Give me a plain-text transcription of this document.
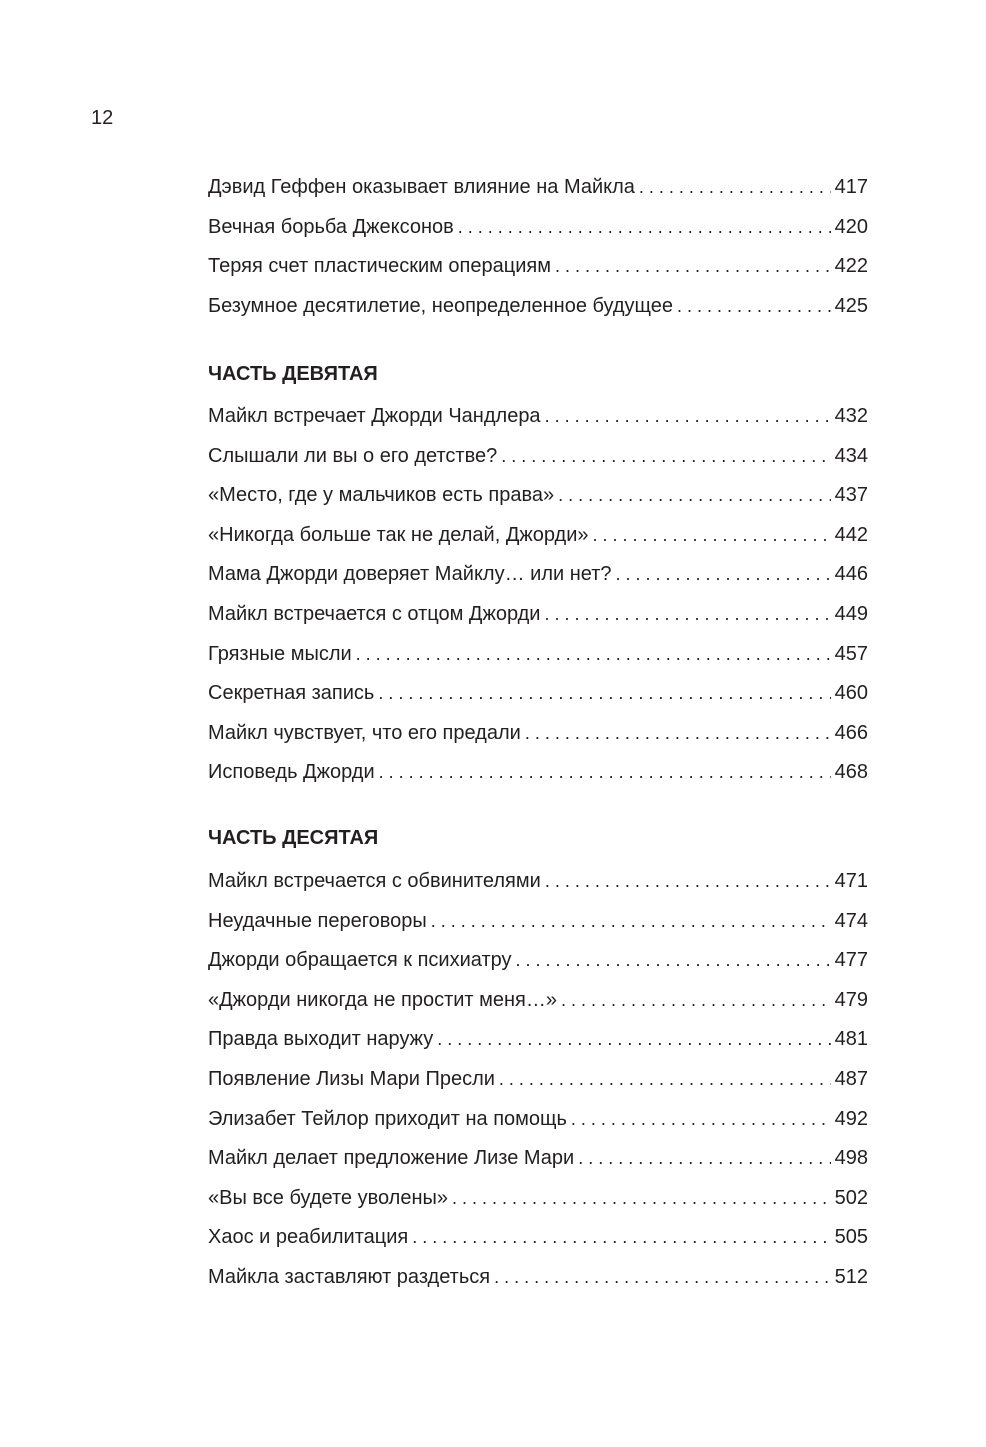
12
Дэвид Геффен оказывает влияние на Майкла . . .	417
Вечная борьба Джексонов . . .	420
Теряя счет пластическим операциям . . .	422
Безумное десятилетие, неопределенное будущее . . .	425
ЧАСТЬ ДЕВЯТАЯ
Майкл встречает Джорди Чандлера . . .	432
Слышали ли вы о его детстве? . . .	434
«Место, где у мальчиков есть права» . . .	437
«Никогда больше так не делай, Джорди» . . .	442
Мама Джорди доверяет Майклу… или нет? . . .	446
Майкл встречается с отцом Джорди . . .	449
Грязные мысли . . .	457
Секретная запись . . .	460
Майкл чувствует, что его предали . . .	466
Исповедь Джорди . . .	468
ЧАСТЬ ДЕСЯТАЯ
Майкл встречается с обвинителями . . .	471
Неудачные переговоры . . .	474
Джорди обращается к психиатру . . .	477
«Джорди никогда не простит меня…» . . .	479
Правда выходит наружу . . .	481
Появление Лизы Мари Пресли . . .	487
Элизабет Тейлор приходит на помощь . . .	492
Майкл делает предложение Лизе Мари . . .	498
«Вы все будете уволены» . . .	502
Хаос и реабилитация . . .	505
Майкла заставляют раздеться . . .	512
